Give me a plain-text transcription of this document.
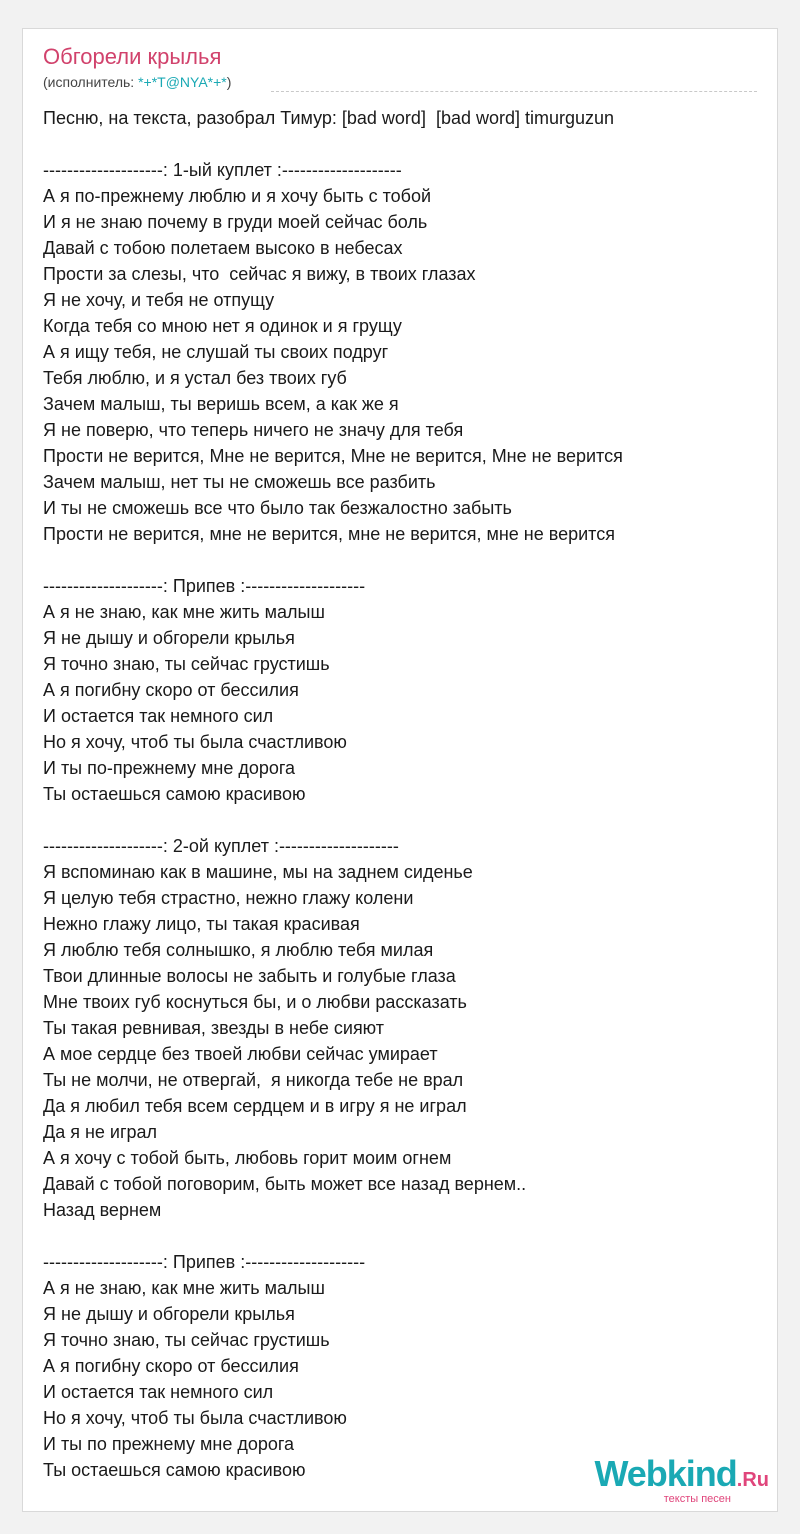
Обгорели крылья
(исполнитель: *+*T@NYA*+*)
Песню, на текста, разобрал Тимур: [bad word]  [bad word] timurguzun
--------------------: 1-ый куплет :--------------------
А я по-прежнему люблю и я хочу быть с тобой
И я не знаю почему в груди моей сейчас боль
Давай с тобою полетаем высоко в небесах
Прости за слезы, что  сейчас я вижу, в твоих глазах
Я не хочу, и тебя не отпущу
Когда тебя со мною нет я одинок и я грущу
А я ищу тебя, не слушай ты своих подруг
Тебя люблю, и я устал без твоих губ
Зачем малыш, ты веришь всем, а как же я
Я не поверю, что теперь ничего не значу для тебя
Прости не верится, Мне не верится, Мне не верится, Мне не верится
Зачем малыш, нет ты не сможешь все разбить
И ты не сможешь все что было так безжалостно забыть
Прости не верится, мне не верится, мне не верится, мне не верится
--------------------: Припев :--------------------
А я не знаю, как мне жить малыш
Я не дышу и обгорели крылья
Я точно знаю, ты сейчас грустишь
А я погибну скоро от бессилия
И остается так немного сил
Но я хочу, чтоб ты была счастливою
И ты по-прежнему мне дорога
Ты остаешься самою красивою
--------------------: 2-ой куплет :--------------------
Я вспоминаю как в машине, мы на заднем сиденье
Я целую тебя страстно, нежно глажу колени
Нежно глажу лицо, ты такая красивая
Я люблю тебя солнышко, я люблю тебя милая
Твои длинные волосы не забыть и голубые глаза
Мне твоих губ коснуться бы, и о любви рассказать
Ты такая ревнивая, звезды в небе сияют
А мое сердце без твоей любви сейчас умирает
Ты не молчи, не отвергай,  я никогда тебе не врал
Да я любил тебя всем сердцем и в игру я не играл
Да я не играл
А я хочу с тобой быть, любовь горит моим огнем
Давай с тобой поговорим, быть может все назад вернем..
Назад вернем
--------------------: Припев :--------------------
А я не знаю, как мне жить малыш
Я не дышу и обгорели крылья
Я точно знаю, ты сейчас грустишь
А я погибну скоро от бессилия
И остается так немного сил
Но я хочу, чтоб ты была счастливою
И ты по прежнему мне дорога
Ты остаешься самою красивою	Webkind.Ru
тексты песен
